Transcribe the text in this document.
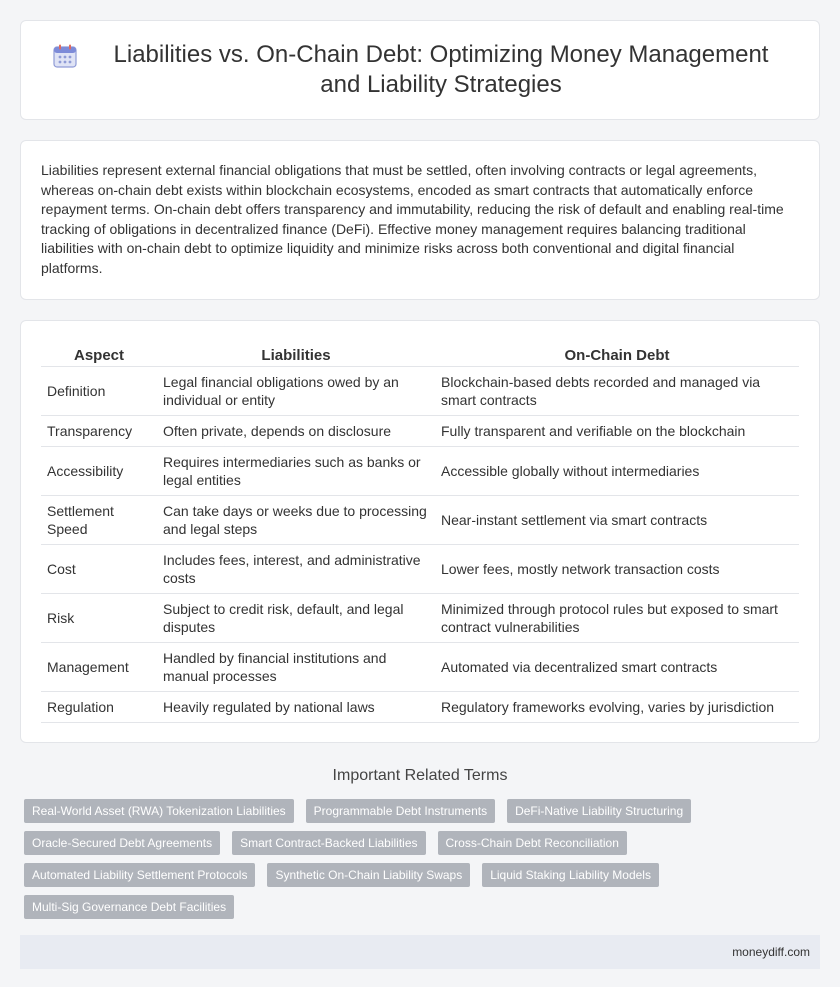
Liabilities vs. On-Chain Debt: Optimizing Money Management and Liability Strategies

Liabilities represent external financial obligations that must be settled, often involving contracts or legal agreements, whereas on-chain debt exists within blockchain ecosystems, encoded as smart contracts that automatically enforce repayment terms. On-chain debt offers transparency and immutability, reducing the risk of default and enabling real-time tracking of obligations in decentralized finance (DeFi). Effective money management requires balancing traditional liabilities with on-chain debt to optimize liquidity and minimize risks across both conventional and digital financial platforms.

Aspect	Liabilities	On-Chain Debt
Definition	Legal financial obligations owed by an individual or entity	Blockchain-based debts recorded and managed via smart contracts
Transparency	Often private, depends on disclosure	Fully transparent and verifiable on the blockchain
Accessibility	Requires intermediaries such as banks or legal entities	Accessible globally without intermediaries
Settlement Speed	Can take days or weeks due to processing and legal steps	Near-instant settlement via smart contracts
Cost	Includes fees, interest, and administrative costs	Lower fees, mostly network transaction costs
Risk	Subject to credit risk, default, and legal disputes	Minimized through protocol rules but exposed to smart contract vulnerabilities
Management	Handled by financial institutions and manual processes	Automated via decentralized smart contracts
Regulation	Heavily regulated by national laws	Regulatory frameworks evolving, varies by jurisdiction
Important Related Terms
Real-World Asset (RWA) Tokenization Liabilities	Programmable Debt Instruments	DeFi-Native Liability Structuring
Oracle-Secured Debt Agreements	Smart Contract-Backed Liabilities	Cross-Chain Debt Reconciliation
Automated Liability Settlement Protocols	Synthetic On-Chain Liability Swaps	Liquid Staking Liability Models
Multi-Sig Governance Debt Facilities
moneydiff.com
